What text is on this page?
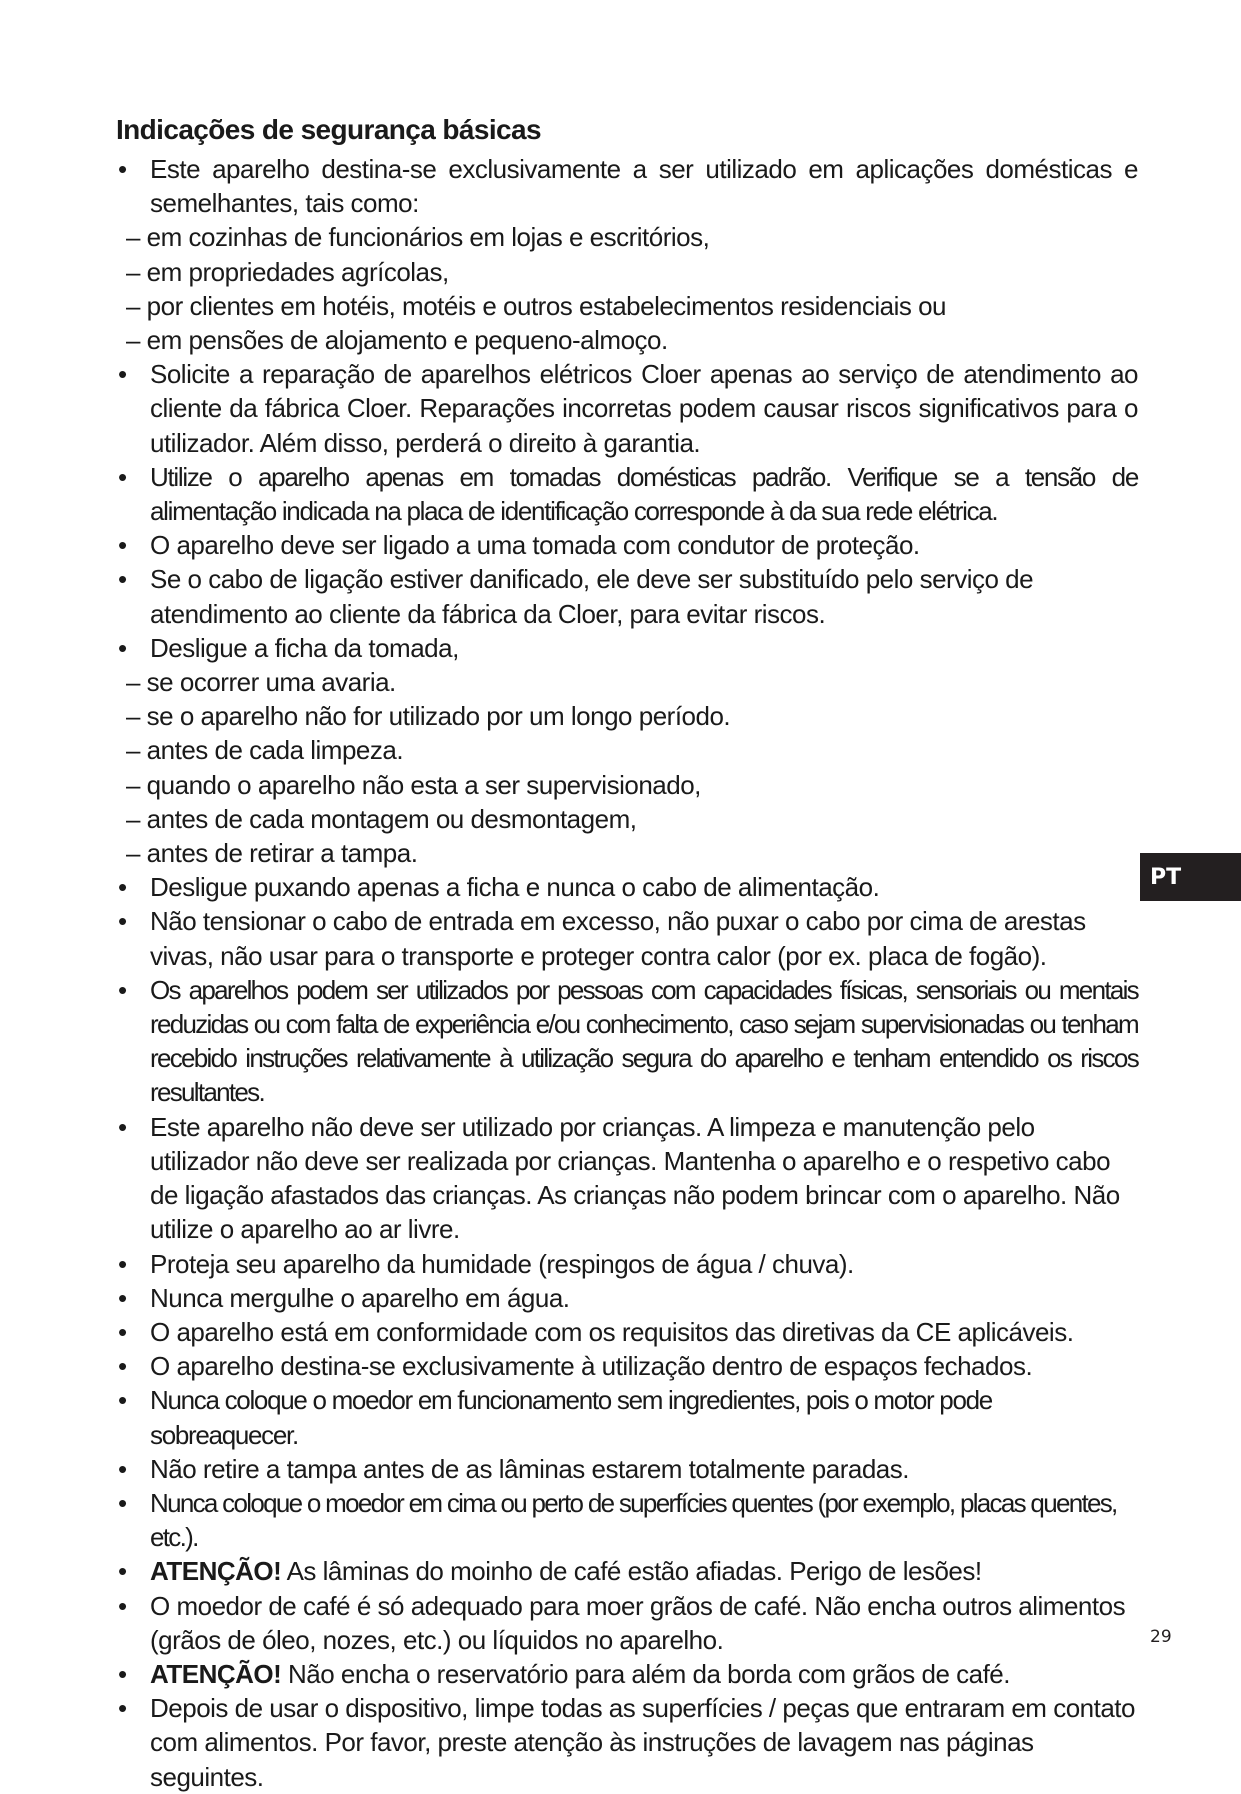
Indicações de segurança básicas
• Este aparelho destina-se exclusivamente a ser utilizado em aplicações domésticas e semelhantes, tais como:
– em cozinhas de funcionários em lojas e escritórios,
– em propriedades agrícolas,
– por clientes em hotéis, motéis e outros estabelecimentos residenciais ou
– em pensões de alojamento e pequeno-almoço.
• Solicite a reparação de aparelhos elétricos Cloer apenas ao serviço de atendimento ao cliente da fábrica Cloer. Reparações incorretas podem causar riscos significativos para o utilizador. Além disso, perderá o direito à garantia.
• Utilize o aparelho apenas em tomadas domésticas padrão. Verifique se a tensão de alimentação indicada na placa de identificação corresponde à da sua rede elétrica.
• O aparelho deve ser ligado a uma tomada com condutor de proteção.
• Se o cabo de ligação estiver danificado, ele deve ser substituído pelo serviço de atendimento ao cliente da fábrica da Cloer, para evitar riscos.
• Desligue a ficha da tomada,
– se ocorrer uma avaria.
– se o aparelho não for utilizado por um longo período.
– antes de cada limpeza.
– quando o aparelho não esta a ser supervisionado,
– antes de cada montagem ou desmontagem,
– antes de retirar a tampa.
• Desligue puxando apenas a ficha e nunca o cabo de alimentação.
• Não tensionar o cabo de entrada em excesso, não puxar o cabo por cima de arestas vivas, não usar para o transporte e proteger contra calor (por ex. placa de fogão).
• Os aparelhos podem ser utilizados por pessoas com capacidades físicas, sensoriais ou mentais reduzidas ou com falta de experiência e/ou conhecimento, caso sejam supervisionadas ou tenham recebido instruções relativamente à utilização segura do aparelho e tenham entendido os riscos resultantes.
• Este aparelho não deve ser utilizado por crianças. A limpeza e manutenção pelo utilizador não deve ser realizada por crianças. Mantenha o aparelho e o respetivo cabo de ligação afastados das crianças. As crianças não podem brincar com o aparelho. Não utilize o aparelho ao ar livre.
• Proteja seu aparelho da humidade (respingos de água / chuva).
• Nunca mergulhe o aparelho em água.
• O aparelho está em conformidade com os requisitos das diretivas da CE aplicáveis.
• O aparelho destina-se exclusivamente à utilização dentro de espaços fechados.
• Nunca coloque o moedor em funcionamento sem ingredientes, pois o motor pode sobreaquecer.
• Não retire a tampa antes de as lâminas estarem totalmente paradas.
• Nunca coloque o moedor em cima ou perto de superfícies quentes (por exemplo, placas quentes, etc.).
• ATENÇÃO! As lâminas do moinho de café estão afiadas. Perigo de lesões!
• O moedor de café é só adequado para moer grãos de café. Não encha outros alimentos (grãos de óleo, nozes, etc.) ou líquidos no aparelho.
• ATENÇÃO! Não encha o reservatório para além da borda com grãos de café.
• Depois de usar o dispositivo, limpe todas as superfícies / peças que entraram em contato com alimentos. Por favor, preste atenção às instruções de lavagem nas páginas seguintes.
PT
29
